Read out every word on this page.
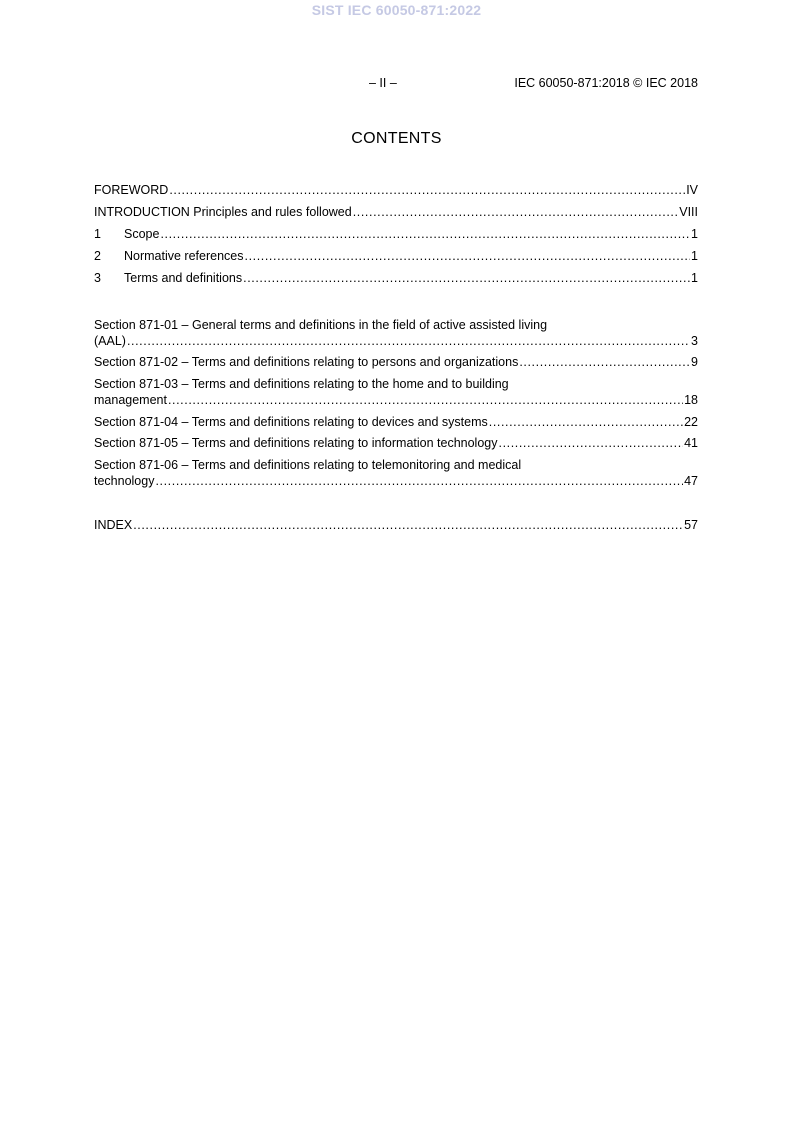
SIST IEC 60050-871:2022
– II –	IEC 60050-871:2018 © IEC 2018
CONTENTS
FOREWORD .....	IV
INTRODUCTION Principles and rules followed .....	VIII
1	Scope .....	1
2	Normative references .....	1
3	Terms and definitions .....	1
Section 871-01 – General terms and definitions in the field of active assisted living
(AAL) .....	3
Section 871-02 – Terms and definitions relating to persons and organizations .....	9
Section 871-03 – Terms and definitions relating to the home and to building
management .....	18
Section 871-04 – Terms and definitions relating to devices and systems .....	22
Section 871-05 – Terms and definitions relating to information technology .....	41
Section 871-06 – Terms and definitions relating to telemonitoring and medical
technology .....	47
INDEX .....	57
